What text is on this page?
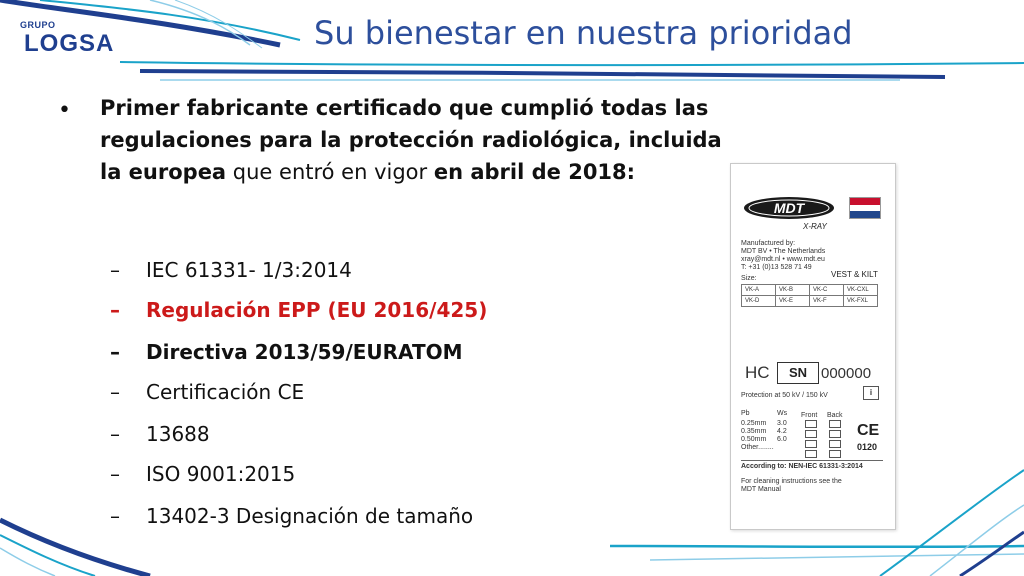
GRUPO
LOGSA	Su bienestar en nuestra prioridad
• Primer fabricante certificado que cumplió todas las regulaciones para la protección radiológica, incluida la europea que entró en vigor en abril de 2018:
– IEC 61331- 1/3:2014
– Regulación EPP (EU 2016/425)
– Directiva 2013/59/EURATOM
– Certificación CE
– 13688
– ISO 9001:2015
– 13402-3 Designación de tamaño
MDT
X-RAY
Manufactured by:
MDT BV • The Netherlands
xray@mdt.nl • www.mdt.eu
T: +31 (0)13 528 71 49
Size:	VEST & KILT
VK-A	VK-B	VK-C	VK-CXL
VK-D	VK-E	VK-F	VK-FXL
HC	SN 000000
Protection at 50 kV / 150 kV	i
Pb	Ws Front Back
0.25mm 3.0
0.35mm 4.2
0.50mm 6.0
Other........
CE
0120
According to: NEN-IEC 61331-3:2014
For cleaning instructions see the
MDT Manual
